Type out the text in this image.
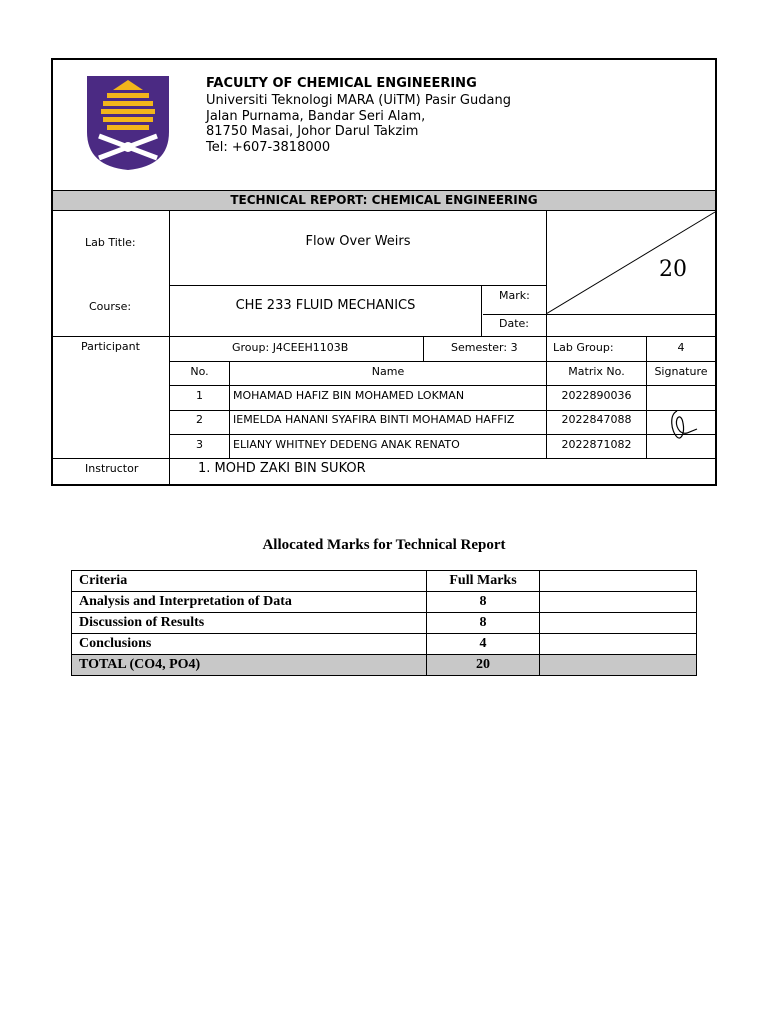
FACULTY OF CHEMICAL ENGINEERING
Universiti Teknologi MARA (UiTM) Pasir Gudang
Jalan Purnama, Bandar Seri Alam,
81750 Masai, Johor Darul Takzim
Tel: +607-3818000
TECHNICAL REPORT: CHEMICAL ENGINEERING
Lab Title:	Flow Over Weirs
20
Mark:
Course:	CHE 233 FLUID MECHANICS
Date:
Participant	Group: J4CEEH1103B	Semester: 3	Lab Group:	4
No.	Name	Matrix No.	Signature
1	MOHAMAD HAFIZ BIN MOHAMED LOKMAN	2022890036
2	IEMELDA HANANI SYAFIRA BINTI MOHAMAD HAFFIZ	2022847088
3	ELIANY WHITNEY DEDENG ANAK RENATO	2022871082
Instructor	1. MOHD ZAKI BIN SUKOR
Allocated Marks for Technical Report
Criteria	Full Marks	
Analysis and Interpretation of Data	8	
Discussion of Results	8	
Conclusions	4	
TOTAL (CO4, PO4)	20	
